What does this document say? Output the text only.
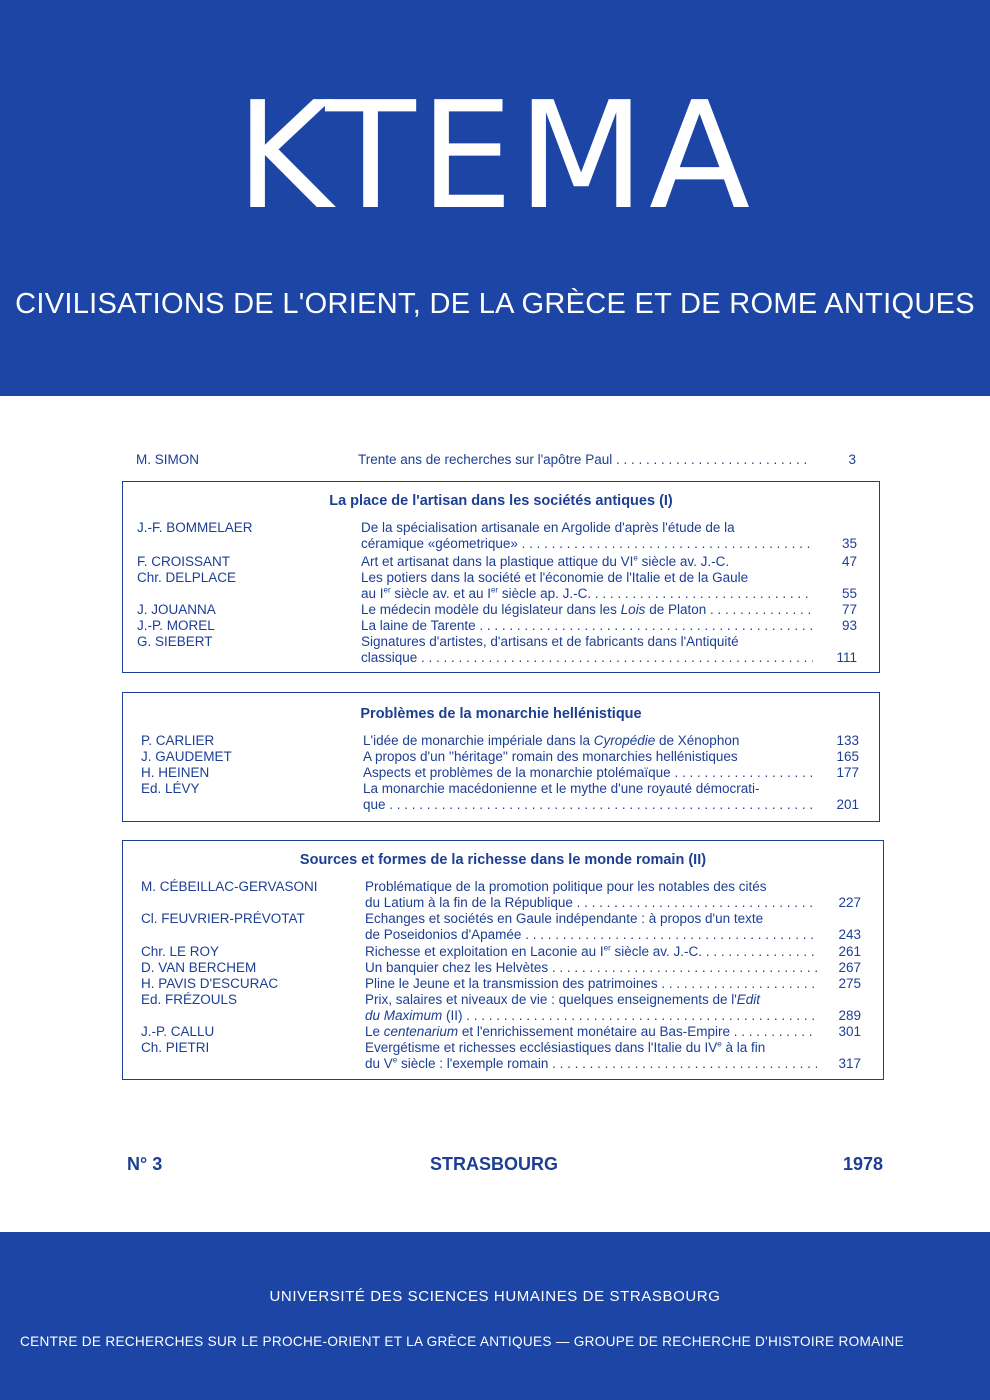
KTEMA
CIVILISATIONS DE L'ORIENT, DE LA GRÈCE ET DE ROME ANTIQUES
M. SIMON	Trente ans de recherches sur l'apôtre Paul . . .	3
La place de l'artisan dans les sociétés antiques (I)
J.-F. BOMMELAER	De la spécialisation artisanale en Argolide d'après l'étude de la
céramique «géometrique» . . .	35
F. CROISSANT	Art et artisanat dans la plastique attique du VIe siècle av. J.-C.	47
Chr. DELPLACE	Les potiers dans la société et l'économie de l'Italie et de la Gaule
au Ier siècle av. et au Ier siècle ap. J.-C. . . .	55
J. JOUANNA	Le médecin modèle du législateur dans les Lois de Platon . . .	77
J.-P. MOREL	La laine de Tarente . . .	93
G. SIEBERT	Signatures d'artistes, d'artisans et de fabricants dans l'Antiquité
classique . . .	111
Problèmes de la monarchie hellénistique
P. CARLIER	L'idée de monarchie impériale dans la Cyropédie de Xénophon	133
J. GAUDEMET	A propos d'un ''héritage'' romain des monarchies hellénistiques	165
H. HEINEN	Aspects et problèmes de la monarchie ptolémaïque . . .	177
Ed. LÉVY	La monarchie macédonienne et le mythe d'une royauté démocrati-
que . . .	201
Sources et formes de la richesse dans le monde romain (II)
M. CÉBEILLAC-GERVASONI	Problématique de la promotion politique pour les notables des cités
du Latium à la fin de la République . . .	227
Cl. FEUVRIER-PRÉVOTAT	Echanges et sociétés en Gaule indépendante : à propos d'un texte
de Poseidonios d'Apamée . . .	243
Chr. LE ROY	Richesse et exploitation en Laconie au Ier siècle av. J.-C. . . .	261
D. VAN BERCHEM	Un banquier chez les Helvètes . . .	267
H. PAVIS D'ESCURAC	Pline le Jeune et la transmission des patrimoines . . .	275
Ed. FRÉZOULS	Prix, salaires et niveaux de vie : quelques enseignements de l'Edit
du Maximum (II) . . .	289
J.-P. CALLU	Le centenarium et l'enrichissement monétaire au Bas-Empire . . .	301
Ch. PIETRI	Evergétisme et richesses ecclésiastiques dans l'Italie du IVe à la fin
du Ve siècle : l'exemple romain . . .	317
N° 3	STRASBOURG	1978
UNIVERSITÉ DES SCIENCES HUMAINES DE STRASBOURG
CENTRE DE RECHERCHES SUR LE PROCHE-ORIENT ET LA GRÈCE ANTIQUES — GROUPE DE RECHERCHE D'HISTOIRE ROMAINE
